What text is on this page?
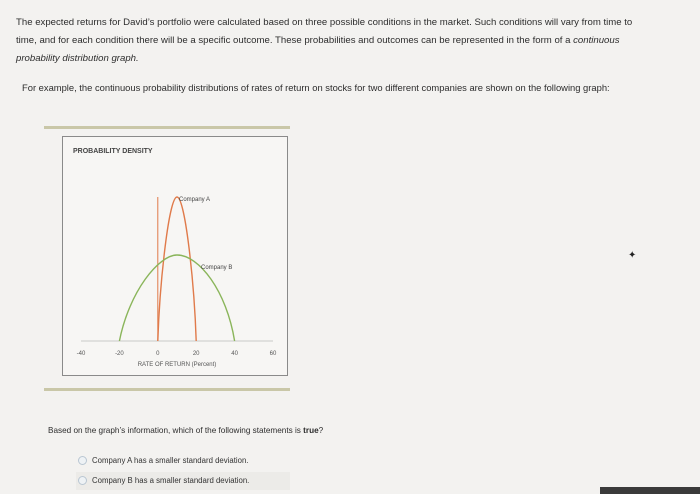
The expected returns for David’s portfolio were calculated based on three possible conditions in the market. Such conditions will vary from time to
time, and for each condition there will be a specific outcome. These probabilities and outcomes can be represented in the form of a continuous
probability distribution graph.
For example, the continuous probability distributions of rates of return on stocks for two different companies are shown on the following graph:
PROBABILITY DENSITY
-40	-20	0	20	40	60
RATE OF RETURN (Percent)
Company A
Company B
Based on the graph’s information, which of the following statements is true?
Company A has a smaller standard deviation.
Company B has a smaller standard deviation.
✦
